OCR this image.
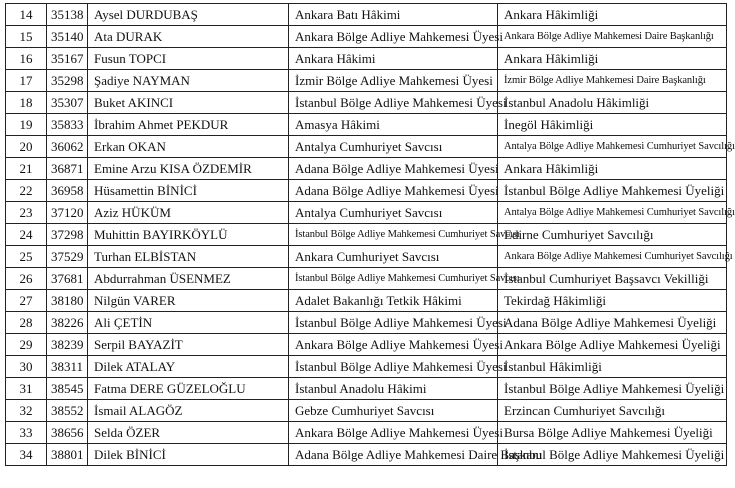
14	35138	Aysel DURDUBAŞ	Ankara Batı Hâkimi	Ankara Hâkimliği
15	35140	Ata DURAK	Ankara Bölge Adliye Mahkemesi Üyesi	Ankara Bölge Adliye Mahkemesi Daire Başkanlığı
16	35167	Fusun TOPCI	Ankara Hâkimi	Ankara Hâkimliği
17	35298	Şadiye NAYMAN	İzmir Bölge Adliye Mahkemesi Üyesi	İzmir Bölge Adliye Mahkemesi Daire Başkanlığı
18	35307	Buket AKINCI	İstanbul Bölge Adliye Mahkemesi Üyesi	İstanbul Anadolu Hâkimliği
19	35833	İbrahim Ahmet PEKDUR	Amasya Hâkimi	İnegöl Hâkimliği
20	36062	Erkan OKAN	Antalya Cumhuriyet Savcısı	Antalya Bölge Adliye Mahkemesi Cumhuriyet Savcılığı
21	36871	Emine Arzu KISA ÖZDEMİR	Adana Bölge Adliye Mahkemesi Üyesi	Ankara Hâkimliği
22	36958	Hüsamettin BİNİCİ	Adana Bölge Adliye Mahkemesi Üyesi	İstanbul Bölge Adliye Mahkemesi Üyeliği
23	37120	Aziz HÜKÜM	Antalya Cumhuriyet Savcısı	Antalya Bölge Adliye Mahkemesi Cumhuriyet Savcılığı
24	37298	Muhittin BAYIRKÖYLÜ	İstanbul Bölge Adliye Mahkemesi Cumhuriyet Savcısı	Edirne Cumhuriyet Savcılığı
25	37529	Turhan ELBİSTAN	Ankara Cumhuriyet Savcısı	Ankara Bölge Adliye Mahkemesi Cumhuriyet Savcılığı
26	37681	Abdurrahman ÜSENMEZ	İstanbul Bölge Adliye Mahkemesi Cumhuriyet Savcısı	İstanbul Cumhuriyet Başsavcı Vekilliği
27	38180	Nilgün VARER	Adalet Bakanlığı Tetkik Hâkimi	Tekirdağ Hâkimliği
28	38226	Ali ÇETİN	İstanbul Bölge Adliye Mahkemesi Üyesi	Adana Bölge Adliye Mahkemesi Üyeliği
29	38239	Serpil BAYAZİT	Ankara Bölge Adliye Mahkemesi Üyesi	Ankara Bölge Adliye Mahkemesi Üyeliği
30	38311	Dilek ATALAY	İstanbul Bölge Adliye Mahkemesi Üyesi	İstanbul Hâkimliği
31	38545	Fatma DERE GÜZELOĞLU	İstanbul Anadolu Hâkimi	İstanbul Bölge Adliye Mahkemesi Üyeliği
32	38552	İsmail ALAGÖZ	Gebze Cumhuriyet Savcısı	Erzincan Cumhuriyet Savcılığı
33	38656	Selda ÖZER	Ankara Bölge Adliye Mahkemesi Üyesi	Bursa Bölge Adliye Mahkemesi Üyeliği
34	38801	Dilek BİNİCİ	Adana Bölge Adliye Mahkemesi Daire Başkanı	İstanbul Bölge Adliye Mahkemesi Üyeliği
